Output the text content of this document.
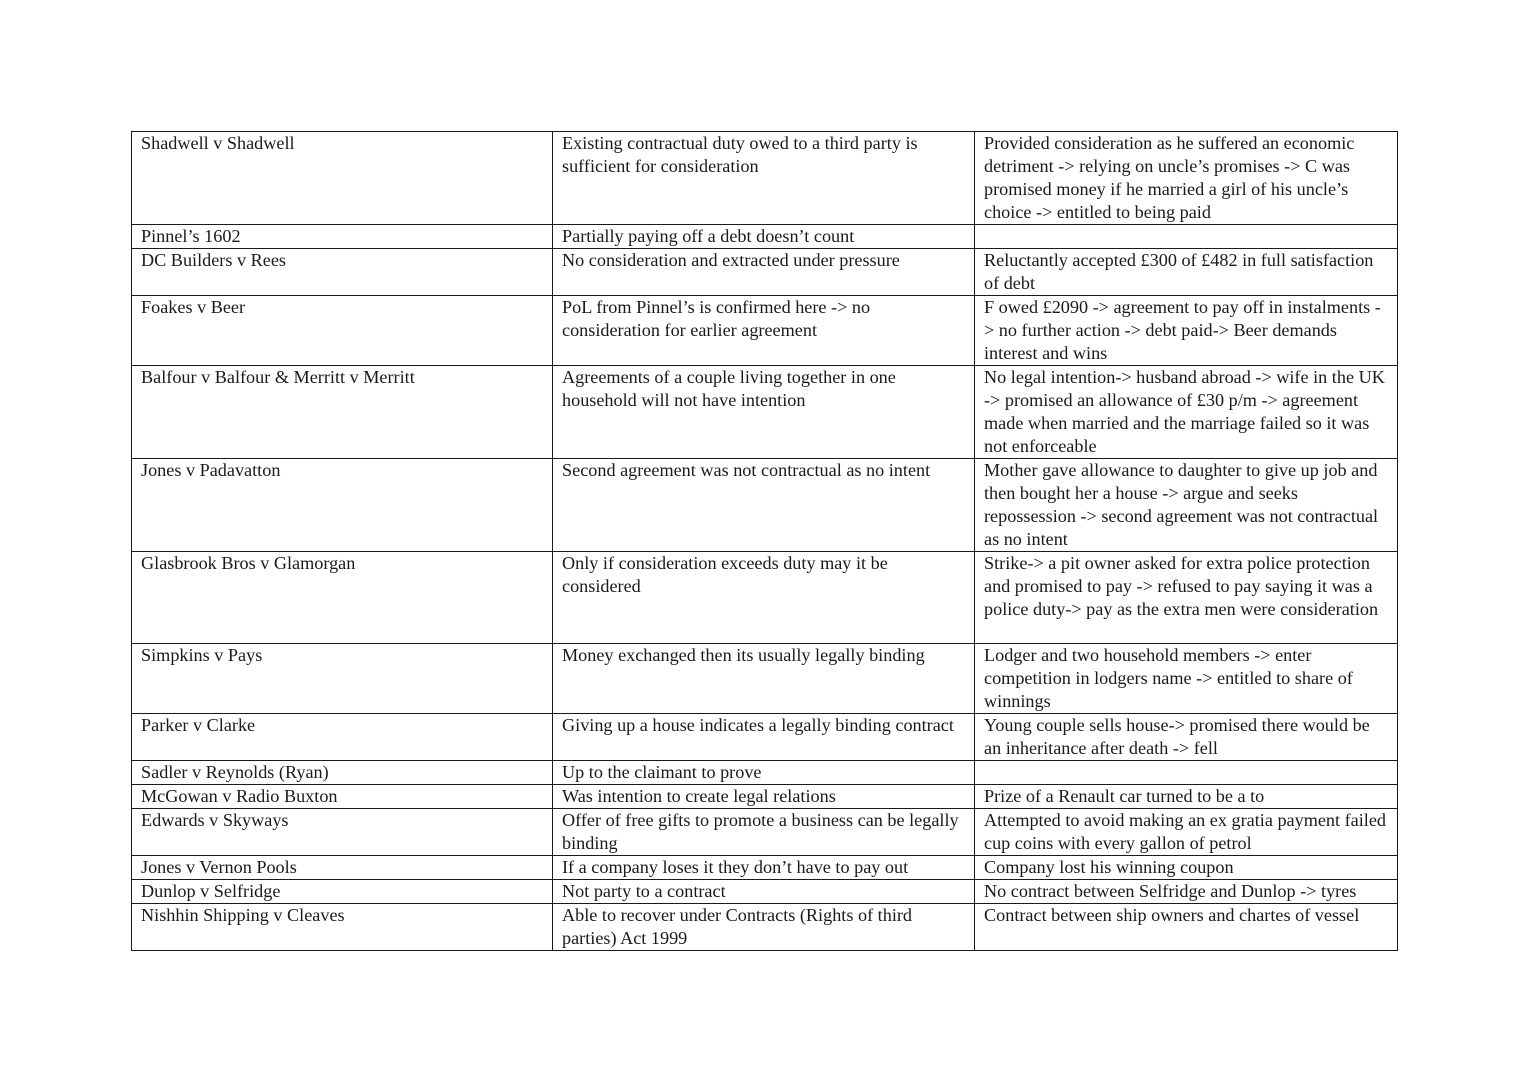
Shadwell v Shadwell	Existing contractual duty owed to a third party is sufficient for consideration	Provided consideration as he suffered an economic detriment -> relying on uncle’s promises -> C was promised money if he married a girl of his uncle’s choice -> entitled to being paid
Pinnel’s 1602	Partially paying off a debt doesn’t count	
DC Builders v Rees	No consideration and extracted under pressure	Reluctantly accepted £300 of £482 in full satisfaction of debt
Foakes v Beer	PoL from Pinnel’s is confirmed here -> no consideration for earlier agreement	F owed £2090 -> agreement to pay off in instalments -> no further action -> debt paid-> Beer demands interest and wins
Balfour v Balfour & Merritt v Merritt	Agreements of a couple living together in one household will not have intention	No legal intention-> husband abroad -> wife in the UK -> promised an allowance of £30 p/m -> agreement made when married and the marriage failed so it was not enforceable
Jones v Padavatton	Second agreement was not contractual as no intent	Mother gave allowance to daughter to give up job and then bought her a house -> argue and seeks repossession -> second agreement was not contractual as no intent
Glasbrook Bros v Glamorgan	Only if consideration exceeds duty may it be considered	Strike-> a pit owner asked for extra police protection and promised to pay -> refused to pay saying it was a police duty-> pay as the extra men were consideration
Simpkins v Pays	Money exchanged then its usually legally binding	Lodger and two household members -> enter competition in lodgers name -> entitled to share of winnings
Parker v Clarke	Giving up a house indicates a legally binding contract	Young couple sells house-> promised there would be an inheritance after death -> fell
Sadler v Reynolds (Ryan)	Up to the claimant to prove	
McGowan v Radio Buxton	Was intention to create legal relations	Prize of a Renault car turned to be a to
Edwards v Skyways	Offer of free gifts to promote a business can be legally binding	Attempted to avoid making an ex gratia payment failed cup coins with every gallon of petrol
Jones v Vernon Pools	If a company loses it they don’t have to pay out	Company lost his winning coupon
Dunlop v Selfridge	Not party to a contract	No contract between Selfridge and Dunlop -> tyres
Nishhin Shipping v Cleaves	Able to recover under Contracts (Rights of third parties) Act 1999	Contract between ship owners and chartes of vessel
